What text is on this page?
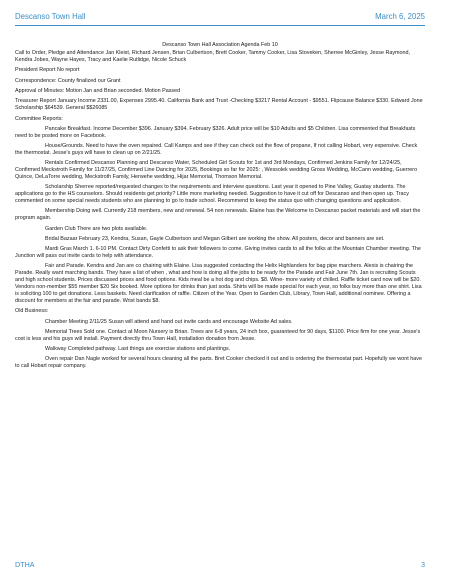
Descanso Town Hall	March 6, 2025
Descanso Town Hall Association Agenda Feb 10

Call to Order, Pledge and Attendance Jan Kleist, Richard Jensen, Brian Culbertson, Brett Cooker, Tammy Cooker, Lisa Stoveken, Sherree McGinley, Jesse Raymond, Kendra Jobes, Wayne Hayes, Tracy and Kaelie Rutlidge, Nicole Schuck

President Report No report

Correspondence: County finalized our Grant

Approval of Minutes: Motion Jan and Brian seconded. Motion Passed

Treasurer Report January Income 2331.00, Expenses 2995.40. California Bank and Trust -Checking $3217 Rental Account - $9551. Flipcause Balance $330. Edward Jone Scholarship $64539. General $$26085

Committee Reports:

Pancake Breakfast. Income December $396. January $394. February $326. Adult price will be $10 Adults and $5 Children. Lisa commented that Breakfasts need to be posted more on Facebook.

House/Grounds. Need to have the oven repaired. Call Kamps and see if they can check out the flow of propane, If not calling Hobart, very expensive. Check the thermostat. Jesse's guys will have to clean up on 2/21/25.

Rentals Confirmed Descanso Planning and Descanso Water, Scheduled Girl Scouts for 1st and 3rd Mondays, Confirmed Jenkins Family for 12/24/25, Confirmed Meckstroth Family for 11/27/25, Confirmed Line Dancing for 2025, Bookings so far for 2025: , Wessolek wedding Gross Wedding, McCann wedding, Guerrero Quince, DeLaTorre wedding, Meckstroth Family, Herwehe wedding, Hijar Memorial, Thomson Memorial.

Scholarship Sherree reported/requested changes to the requirements and interview questions. Last year it opened to Pine Valley, Guatay students. The applications go to the HS counselors. Should residents get priority? Little more marketing needed. Suggestion to have it cut off for Descanso and then open up. Tracy commented on some special needs students who are planning to go to trade school. Recommend to keep the status quo with changing questions and application.

Membership Doing well. Currently 218 members, new and renewal. 54 non renewals. Elaine has the Welcome to Descanso packet materials and will start the program again.

Garden Club There are two plots available.

Bridal Bazaar February 23, Kendra, Susan, Gayle Culbertson and Megan Gilbert are working the show. All posters, decor and banners are set.

Mardi Gras March 1. 6-10 PM. Contact Dirty Confetti to ask their followers to come. Giving invites cards to all the folks at the Mountain Chamber meeting. The Junction will pass out invite cards to help with attendance.

Fair and Parade. Kendra and Jan are co chairing with Elaine. Lisa suggested contacting the Helix Highlanders for bag pipe marchers. Alexis is chairing the Parade. Really want marching bands. They have a list of when , what and how is doing all the jobs to be ready for the Parade and Fair June 7th. Jan is recruiting Scouts and high school students. Prices discussed prices and food options. Kids meal be a hot dog and chips. $8. Wine- more variety of chilled. Raffle ticket card now will be $20. Vendors non-member $55 member $20 Six booked. More options for drinks than just soda. Shirts will be made special for each year, so folks buy more than one shirt. Lisa is soliciting 100 to get donations. Less baskets. Need clarification of raffle. Citizen of the Year. Open to Garden Club, Library, Town Hall, additional nominee. Offering a discount for members at the fair and parade. Wrist bands $8.

Old Business:

Chamber Meeting 2/11/25 Susan will attend and hand out invite cards and encourage Website Ad sales.

Memorial Trees Sold one. Contact at Moon Nursery is Brian. Trees are 6-8 years, 24 inch box, guaranteed for 90 days, $1100. Price firm for one year. Jesse's cost is less and his guys will install. Payment directly thru Town Hall, installation donation from Jesse.

Walkway Completed pathway. Last things are exercise stations and plantings.

Oven repair Dan Nagle worked for several hours cleaning all the parts. Bret Cooker checked it out and is ordering the thermostat part. Hopefully we wont have to call Hobart repair company.

DTHA	3
